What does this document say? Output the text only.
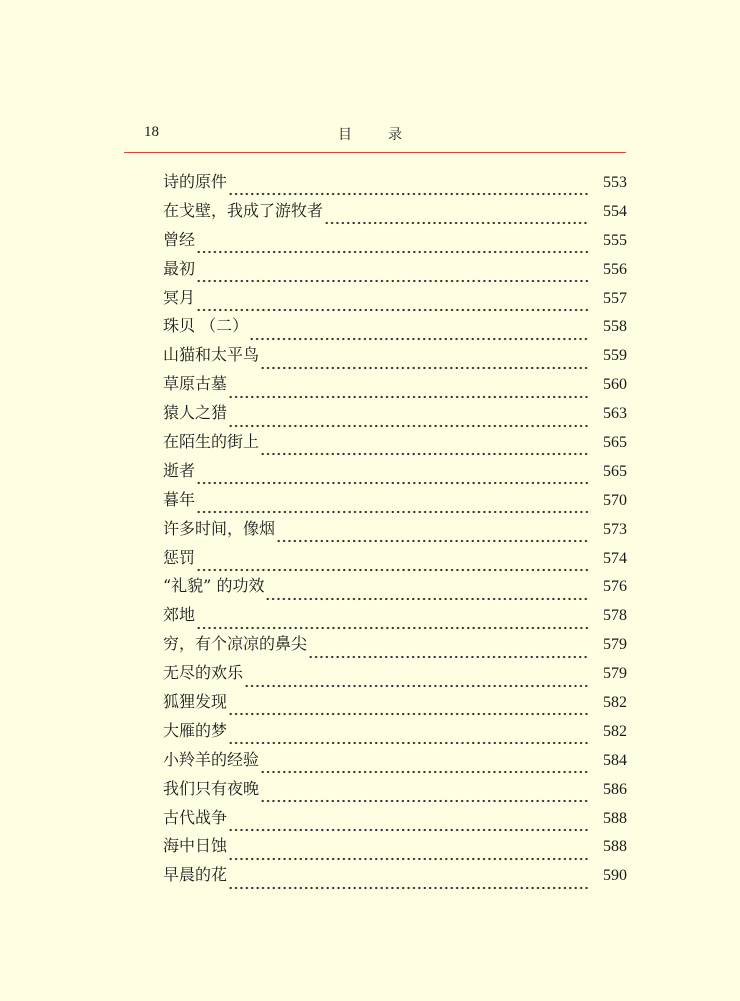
18	目	录
诗的原件	553
在戈壁，我成了游牧者	554
曾经	555
最初	556
冥月	557
珠贝 （二）	558
山猫和太平鸟	559
草原古墓	560
猿人之猎	563
在陌生的街上	565
逝者	565
暮年	570
许多时间，像烟	573
惩罚	574
“礼貌” 的功效	576
郊地	578
穷，有个凉凉的鼻尖	579
无尽的欢乐	579
狐狸发现	582
大雁的梦	582
小羚羊的经验	584
我们只有夜晚	586
古代战争	588
海中日蚀	588
早晨的花	590
